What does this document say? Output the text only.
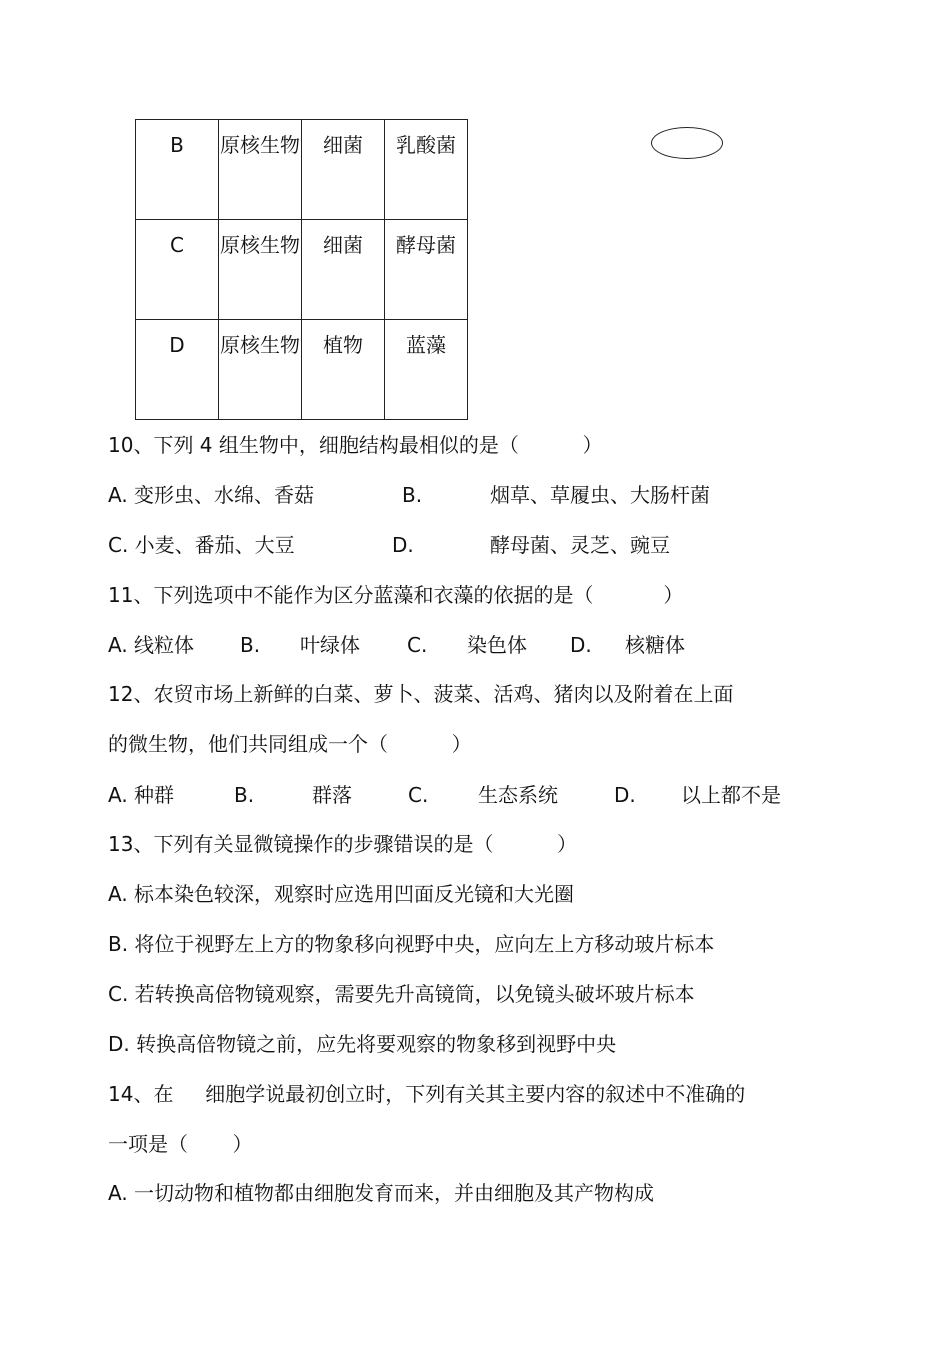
B	原核生物	细菌	乳酸菌
C	原核生物	细菌	酵母菌
D	原核生物	植物	蓝藻
10、下列 4 组生物中，细胞结构最相似的是（          ）
A. 变形虫、水绵、香菇	B.	烟草、草履虫、大肠杆菌
C. 小麦、番茄、大豆	D.	酵母菌、灵芝、豌豆
11、下列选项中不能作为区分蓝藻和衣藻的依据的是（           ）
A. 线粒体 B. 叶绿体 C. 染色体 D. 核糖体
12、农贸市场上新鲜的白菜、萝卜、菠菜、活鸡、猪肉以及附着在上面
的微生物，他们共同组成一个（          ）
A. 种群	B.	群落	C. 生态系统	D. 以上都不是
13、下列有关显微镜操作的步骤错误的是（          ）
A. 标本染色较深，观察时应选用凹面反光镜和大光圈
B. 将位于视野左上方的物象移向视野中央，应向左上方移动玻片标本
C. 若转换高倍物镜观察，需要先升高镜筒，以免镜头破坏玻片标本
D. 转换高倍物镜之前，应先将要观察的物象移到视野中央
14、在     细胞学说最初创立时，下列有关其主要内容的叙述中不准确的
一项是（       ）
A. 一切动物和植物都由细胞发育而来，并由细胞及其产物构成
